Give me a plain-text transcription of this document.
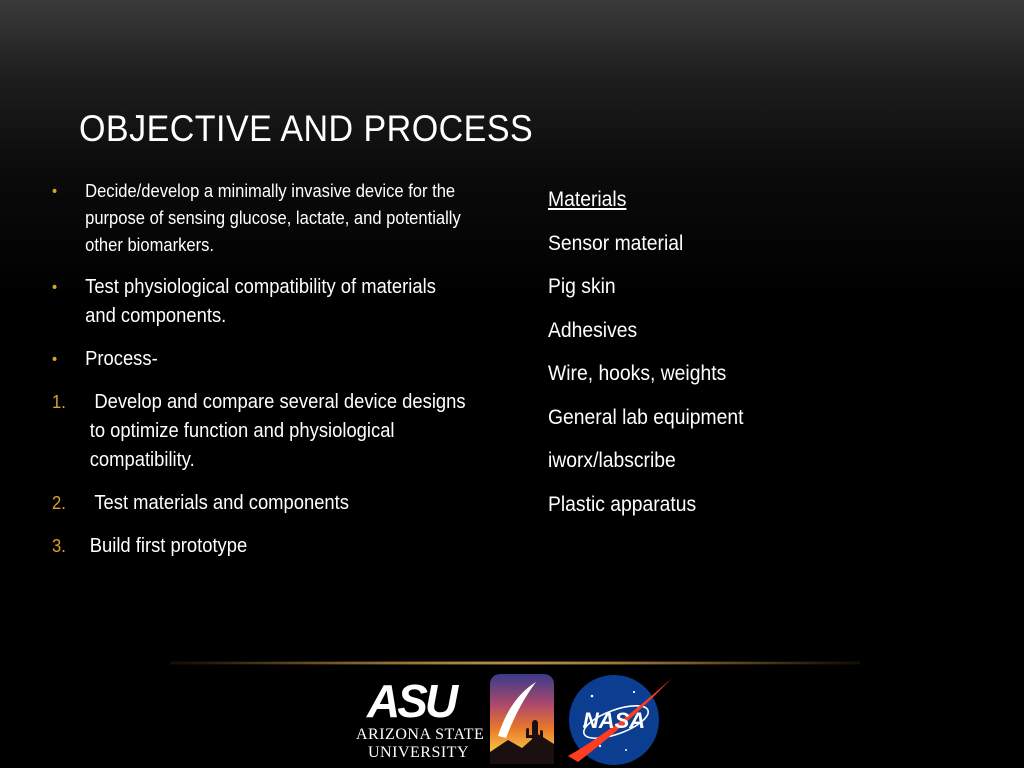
OBJECTIVE AND PROCESS
•	Decide/develop a minimally invasive device for the purpose of sensing glucose, lactate, and potentially other biomarkers.
•	Test physiological compatibility of materials and components.
•	Process-
1.	Develop and compare several device designs to optimize function and physiological compatibility.
2.	Test materials and components
3.	Build first prototype
Materials
Sensor material
Pig skin
Adhesives
Wire, hooks, weights
General lab equipment
iworx/labscribe
Plastic apparatus
ASU
ARIZONA STATE
UNIVERSITY
NASA
